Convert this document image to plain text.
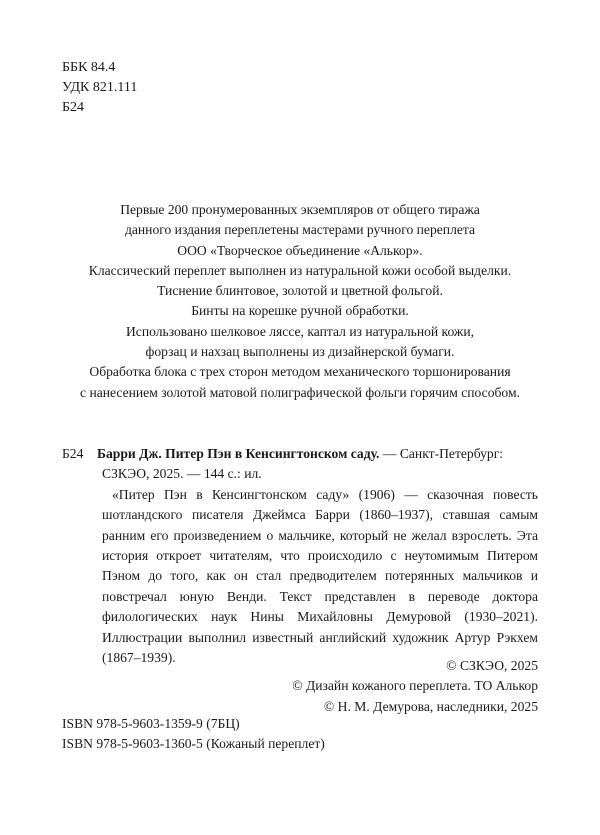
ББК 84.4
УДК 821.111
Б24
Первые 200 пронумерованных экземпляров от общего тиража
данного издания переплетены мастерами ручного переплета
ООО «Творческое объединение «Алькор».
Классический переплет выполнен из натуральной кожи особой выделки.
Тиснение блинтовое, золотой и цветной фольгой.
Бинты на корешке ручной обработки.
Использовано шелковое ляссе, каптал из натуральной кожи,
форзац и нахзац выполнены из дизайнерской бумаги.
Обработка блока с трех сторон методом механического торшонирования
с нанесением золотой матовой полиграфической фольги горячим способом.
Б24 Барри Дж. Питер Пэн в Кенсингтонском саду. — Санкт-Петербург:
СЗКЭО, 2025. — 144 с.: ил.
«Питер Пэн в Кенсингтонском саду» (1906) — сказочная повесть шотландского писателя Джеймса Барри (1860–1937), ставшая самым ранним его произведением о мальчике, который не желал взрослеть. Эта история откроет читателям, что происходило с неутомимым Питером Пэном до того, как он стал предводителем потерянных мальчиков и повстречал юную Венди. Текст представлен в переводе доктора филологических наук Нины Михайловны Демуровой (1930–2021). Иллюстрации выполнил известный английский художник Артур Рэкхем (1867–1939).
© СЗКЭО, 2025
© Дизайн кожаного переплета. ТО Алькор
© Н. М. Демурова, наследники, 2025
ISBN 978-5-9603-1359-9 (7БЦ)
ISBN 978-5-9603-1360-5 (Кожаный переплет)
